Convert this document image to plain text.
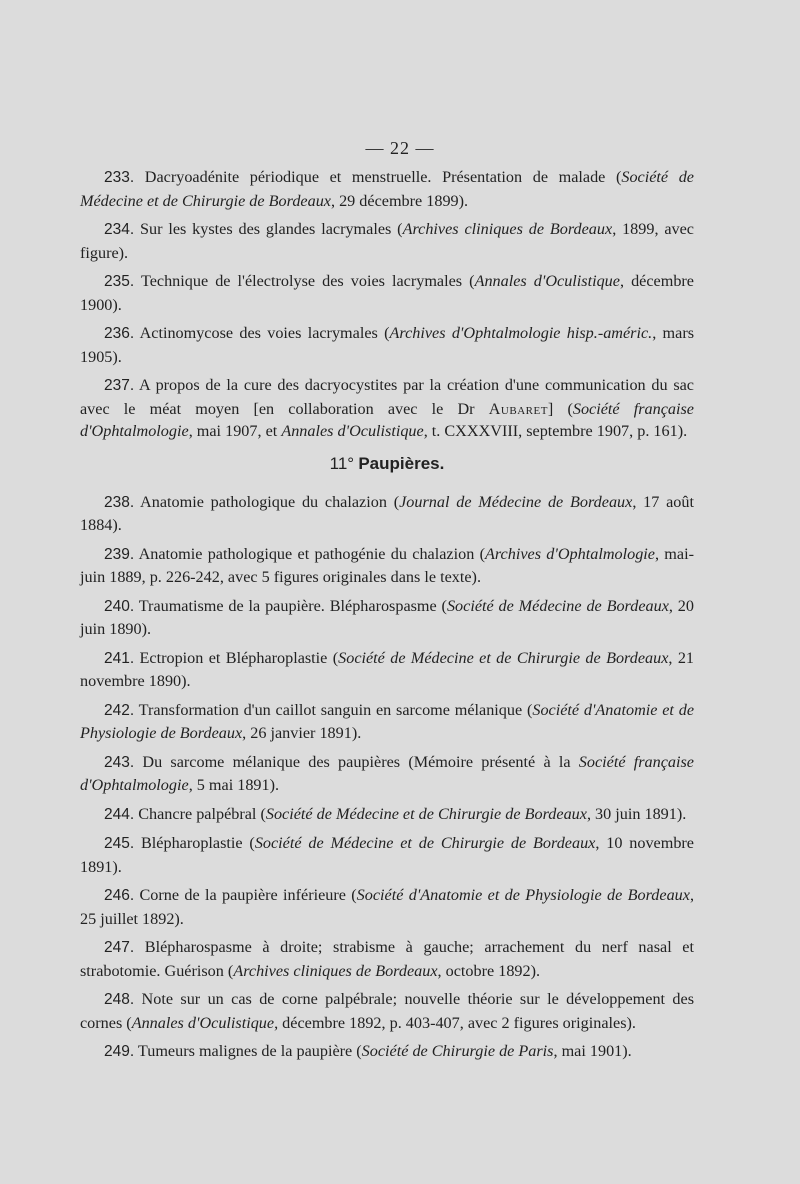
— 22 —

233. Dacryoadénite périodique et menstruelle. Présentation de malade (Société de Médecine et de Chirurgie de Bordeaux, 29 décembre 1899).

234. Sur les kystes des glandes lacrymales (Archives cliniques de Bordeaux, 1899, avec figure).

235. Technique de l'électrolyse des voies lacrymales (Annales d'Oculistique, décembre 1900).

236. Actinomycose des voies lacrymales (Archives d'Ophtalmologie hisp.-améric., mars 1905).

237. A propos de la cure des dacryocystites par la création d'une communication du sac avec le méat moyen [en collaboration avec le Dr Aubaret] (Société française d'Ophtalmologie, mai 1907, et Annales d'Oculistique, t. CXXXVIII, septembre 1907, p. 161).

11° Paupières.

238. Anatomie pathologique du chalazion (Journal de Médecine de Bordeaux, 17 août 1884).

239. Anatomie pathologique et pathogénie du chalazion (Archives d'Ophtalmologie, mai-juin 1889, p. 226-242, avec 5 figures originales dans le texte).

240. Traumatisme de la paupière. Blépharospasme (Société de Médecine de Bordeaux, 20 juin 1890).

241. Ectropion et Blépharoplastie (Société de Médecine et de Chirurgie de Bordeaux, 21 novembre 1890).

242. Transformation d'un caillot sanguin en sarcome mélanique (Société d'Anatomie et de Physiologie de Bordeaux, 26 janvier 1891).

243. Du sarcome mélanique des paupières (Mémoire présenté à la Société française d'Ophtalmologie, 5 mai 1891).

244. Chancre palpébral (Société de Médecine et de Chirurgie de Bordeaux, 30 juin 1891).

245. Blépharoplastie (Société de Médecine et de Chirurgie de Bordeaux, 10 novembre 1891).

246. Corne de la paupière inférieure (Société d'Anatomie et de Physiologie de Bordeaux, 25 juillet 1892).

247. Blépharospasme à droite; strabisme à gauche; arrachement du nerf nasal et strabotomie. Guérison (Archives cliniques de Bordeaux, octobre 1892).

248. Note sur un cas de corne palpébrale; nouvelle théorie sur le développement des cornes (Annales d'Oculistique, décembre 1892, p. 403-407, avec 2 figures originales).

249. Tumeurs malignes de la paupière (Société de Chirurgie de Paris, mai 1901).
